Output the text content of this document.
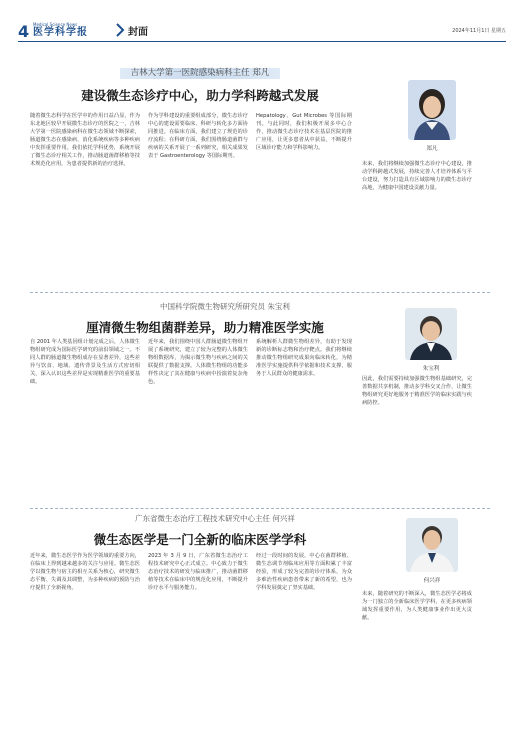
4 Medical Science News
医学科学报	封面	2024年11月1日 星期五
吉林大学第一医院感染病科主任 郑凡
建设微生态诊疗中心，助力学科跨越式发展
郑凡
随着微生态科学在医学中的作用日益凸显，作为东北地区较早开展微生态诊疗的医院之一，吉林大学第一医院感染病科在微生态领域不断探索，肠道微生态在感染病、消化系统疾病等多种疾病中发挥重要作用。我们依托学科优势，系统开展了微生态诊疗相关工作，推动肠道菌群移植等技术规范化应用，为患者提供新的治疗选择。
作为学科建设的重要组成部分，微生态诊疗中心的建设需要临床、科研与转化多方面协同推进。在临床方面，我们建立了规范的诊疗流程；在科研方面，我们围绕肠道菌群与疾病的关系开展了一系列研究，相关成果发表于 Gastroenterology 等国际期刊。
Hepatology、Gut Microbes 等国际期刊。与此同时，我们积极开展多中心合作，推动微生态诊疗技术在基层医院的推广应用，让更多患者从中获益，不断提升区域诊疗能力和学科影响力。
未来，我们将继续加强微生态诊疗中心建设，推动学科跨越式发展，持续完善人才培养体系与平台建设，努力打造具有区域影响力的微生态诊疗高地，为健康中国建设贡献力量。
中国科学院微生物研究所研究员 朱宝利
厘清微生物组菌群差异，助力精准医学实施
朱宝利
自 2001 年人类基因组计划完成之后，人体微生物组研究成为国际医学研究的前沿领域之一。不同人群的肠道微生物组成存在显著差异，这些差异与饮食、地域、遗传背景及生活方式密切相关，深入认识这些差异是实现精准医学的重要基础。
近年来，我们围绕中国人群肠道微生物组开展了系统研究，建立了较为完整的人体微生物组数据库，为揭示微生物与疾病之间的关联提供了数据支撑。人体微生物组的功能多样性决定了其在健康与疾病中扮演着复杂角色。
系统解析人群微生物组差异，有助于发现新的诊断标志物和治疗靶点。我们将继续推动微生物组研究成果向临床转化，为精准医学实施提供科学依据和技术支撑，服务于人民群众的健康需求。
因此，我们需要持续加强微生物组基础研究，完善数据共享机制，推动多学科交叉合作，让微生物组研究更好地服务于精准医学的临床实践与疾病防控。
广东省微生态治疗工程技术研究中心主任 何兴祥
微生态医学是一门全新的临床医学学科
何兴祥
近年来，微生态医学作为医学领域的重要方向，在临床上得到越来越多的关注与应用。微生态医学以微生物与宿主的相互关系为核心，研究微生态平衡、失调及其调整，为多种疾病的预防与治疗提供了全新视角。
2023 年 3 月 9 日，广东省微生态治疗工程技术研究中心正式成立。中心致力于微生态治疗技术的研发与临床推广，推动菌群移植等技术在临床中的规范化应用，不断提升诊疗水平与服务能力。
经过一段时间的发展，中心在菌群移植、微生态调节剂临床应用等方面积累了丰富经验，形成了较为完善的诊疗体系，为众多难治性疾病患者带来了新的希望，也为学科发展奠定了坚实基础。
未来，随着研究的不断深入，微生态医学必将成为一门独立的全新临床医学学科，在更多疾病领域发挥重要作用，为人类健康事业作出更大贡献。
